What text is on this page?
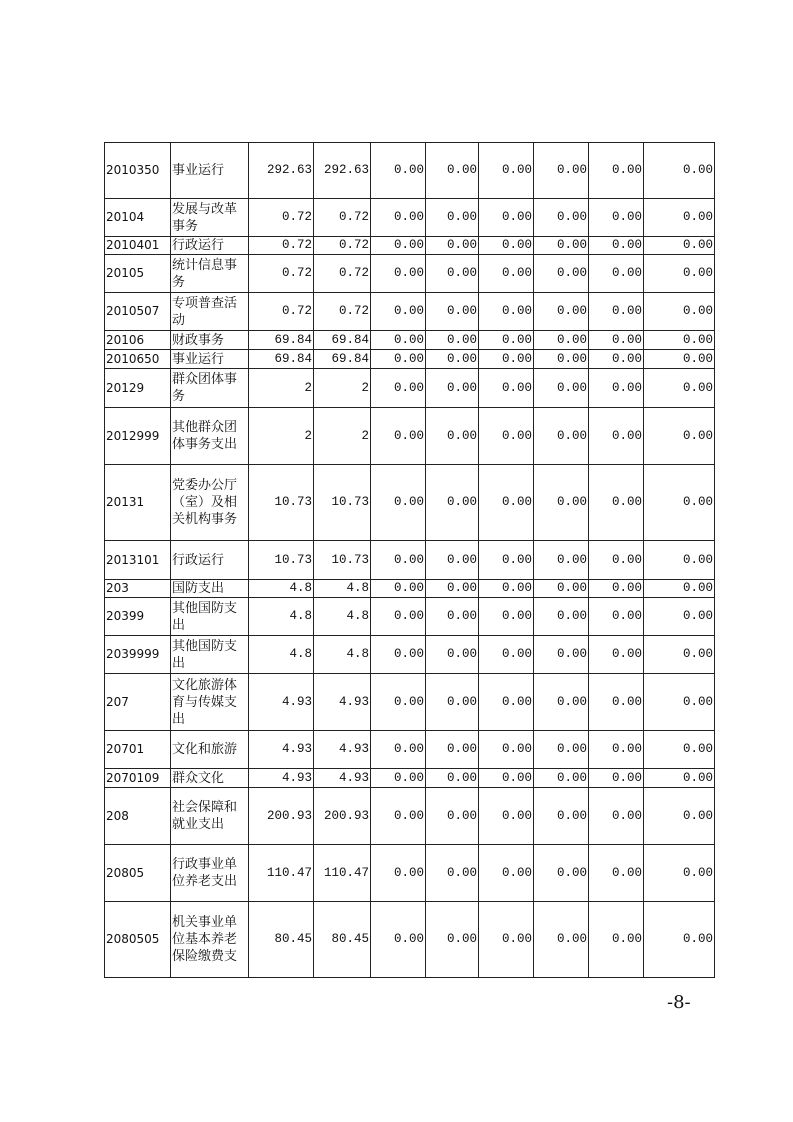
2010350	事业运行	292.63	292.63	0.00	0.00	0.00	0.00	0.00	0.00
20104	发展与改革事务	0.72	0.72	0.00	0.00	0.00	0.00	0.00	0.00
2010401	行政运行	0.72	0.72	0.00	0.00	0.00	0.00	0.00	0.00
20105	统计信息事务	0.72	0.72	0.00	0.00	0.00	0.00	0.00	0.00
2010507	专项普查活动	0.72	0.72	0.00	0.00	0.00	0.00	0.00	0.00
20106	财政事务	69.84	69.84	0.00	0.00	0.00	0.00	0.00	0.00
2010650	事业运行	69.84	69.84	0.00	0.00	0.00	0.00	0.00	0.00
20129	群众团体事务	2	2	0.00	0.00	0.00	0.00	0.00	0.00
2012999	其他群众团体事务支出	2	2	0.00	0.00	0.00	0.00	0.00	0.00
20131	党委办公厅（室）及相关机构事务	10.73	10.73	0.00	0.00	0.00	0.00	0.00	0.00
2013101	行政运行	10.73	10.73	0.00	0.00	0.00	0.00	0.00	0.00
203	国防支出	4.8	4.8	0.00	0.00	0.00	0.00	0.00	0.00
20399	其他国防支出	4.8	4.8	0.00	0.00	0.00	0.00	0.00	0.00
2039999	其他国防支出	4.8	4.8	0.00	0.00	0.00	0.00	0.00	0.00
207	文化旅游体育与传媒支出	4.93	4.93	0.00	0.00	0.00	0.00	0.00	0.00
20701	文化和旅游	4.93	4.93	0.00	0.00	0.00	0.00	0.00	0.00
2070109	群众文化	4.93	4.93	0.00	0.00	0.00	0.00	0.00	0.00
208	社会保障和就业支出	200.93	200.93	0.00	0.00	0.00	0.00	0.00	0.00
20805	行政事业单位养老支出	110.47	110.47	0.00	0.00	0.00	0.00	0.00	0.00
2080505	机关事业单位基本养老保险缴费支	80.45	80.45	0.00	0.00	0.00	0.00	0.00	0.00
-8-
